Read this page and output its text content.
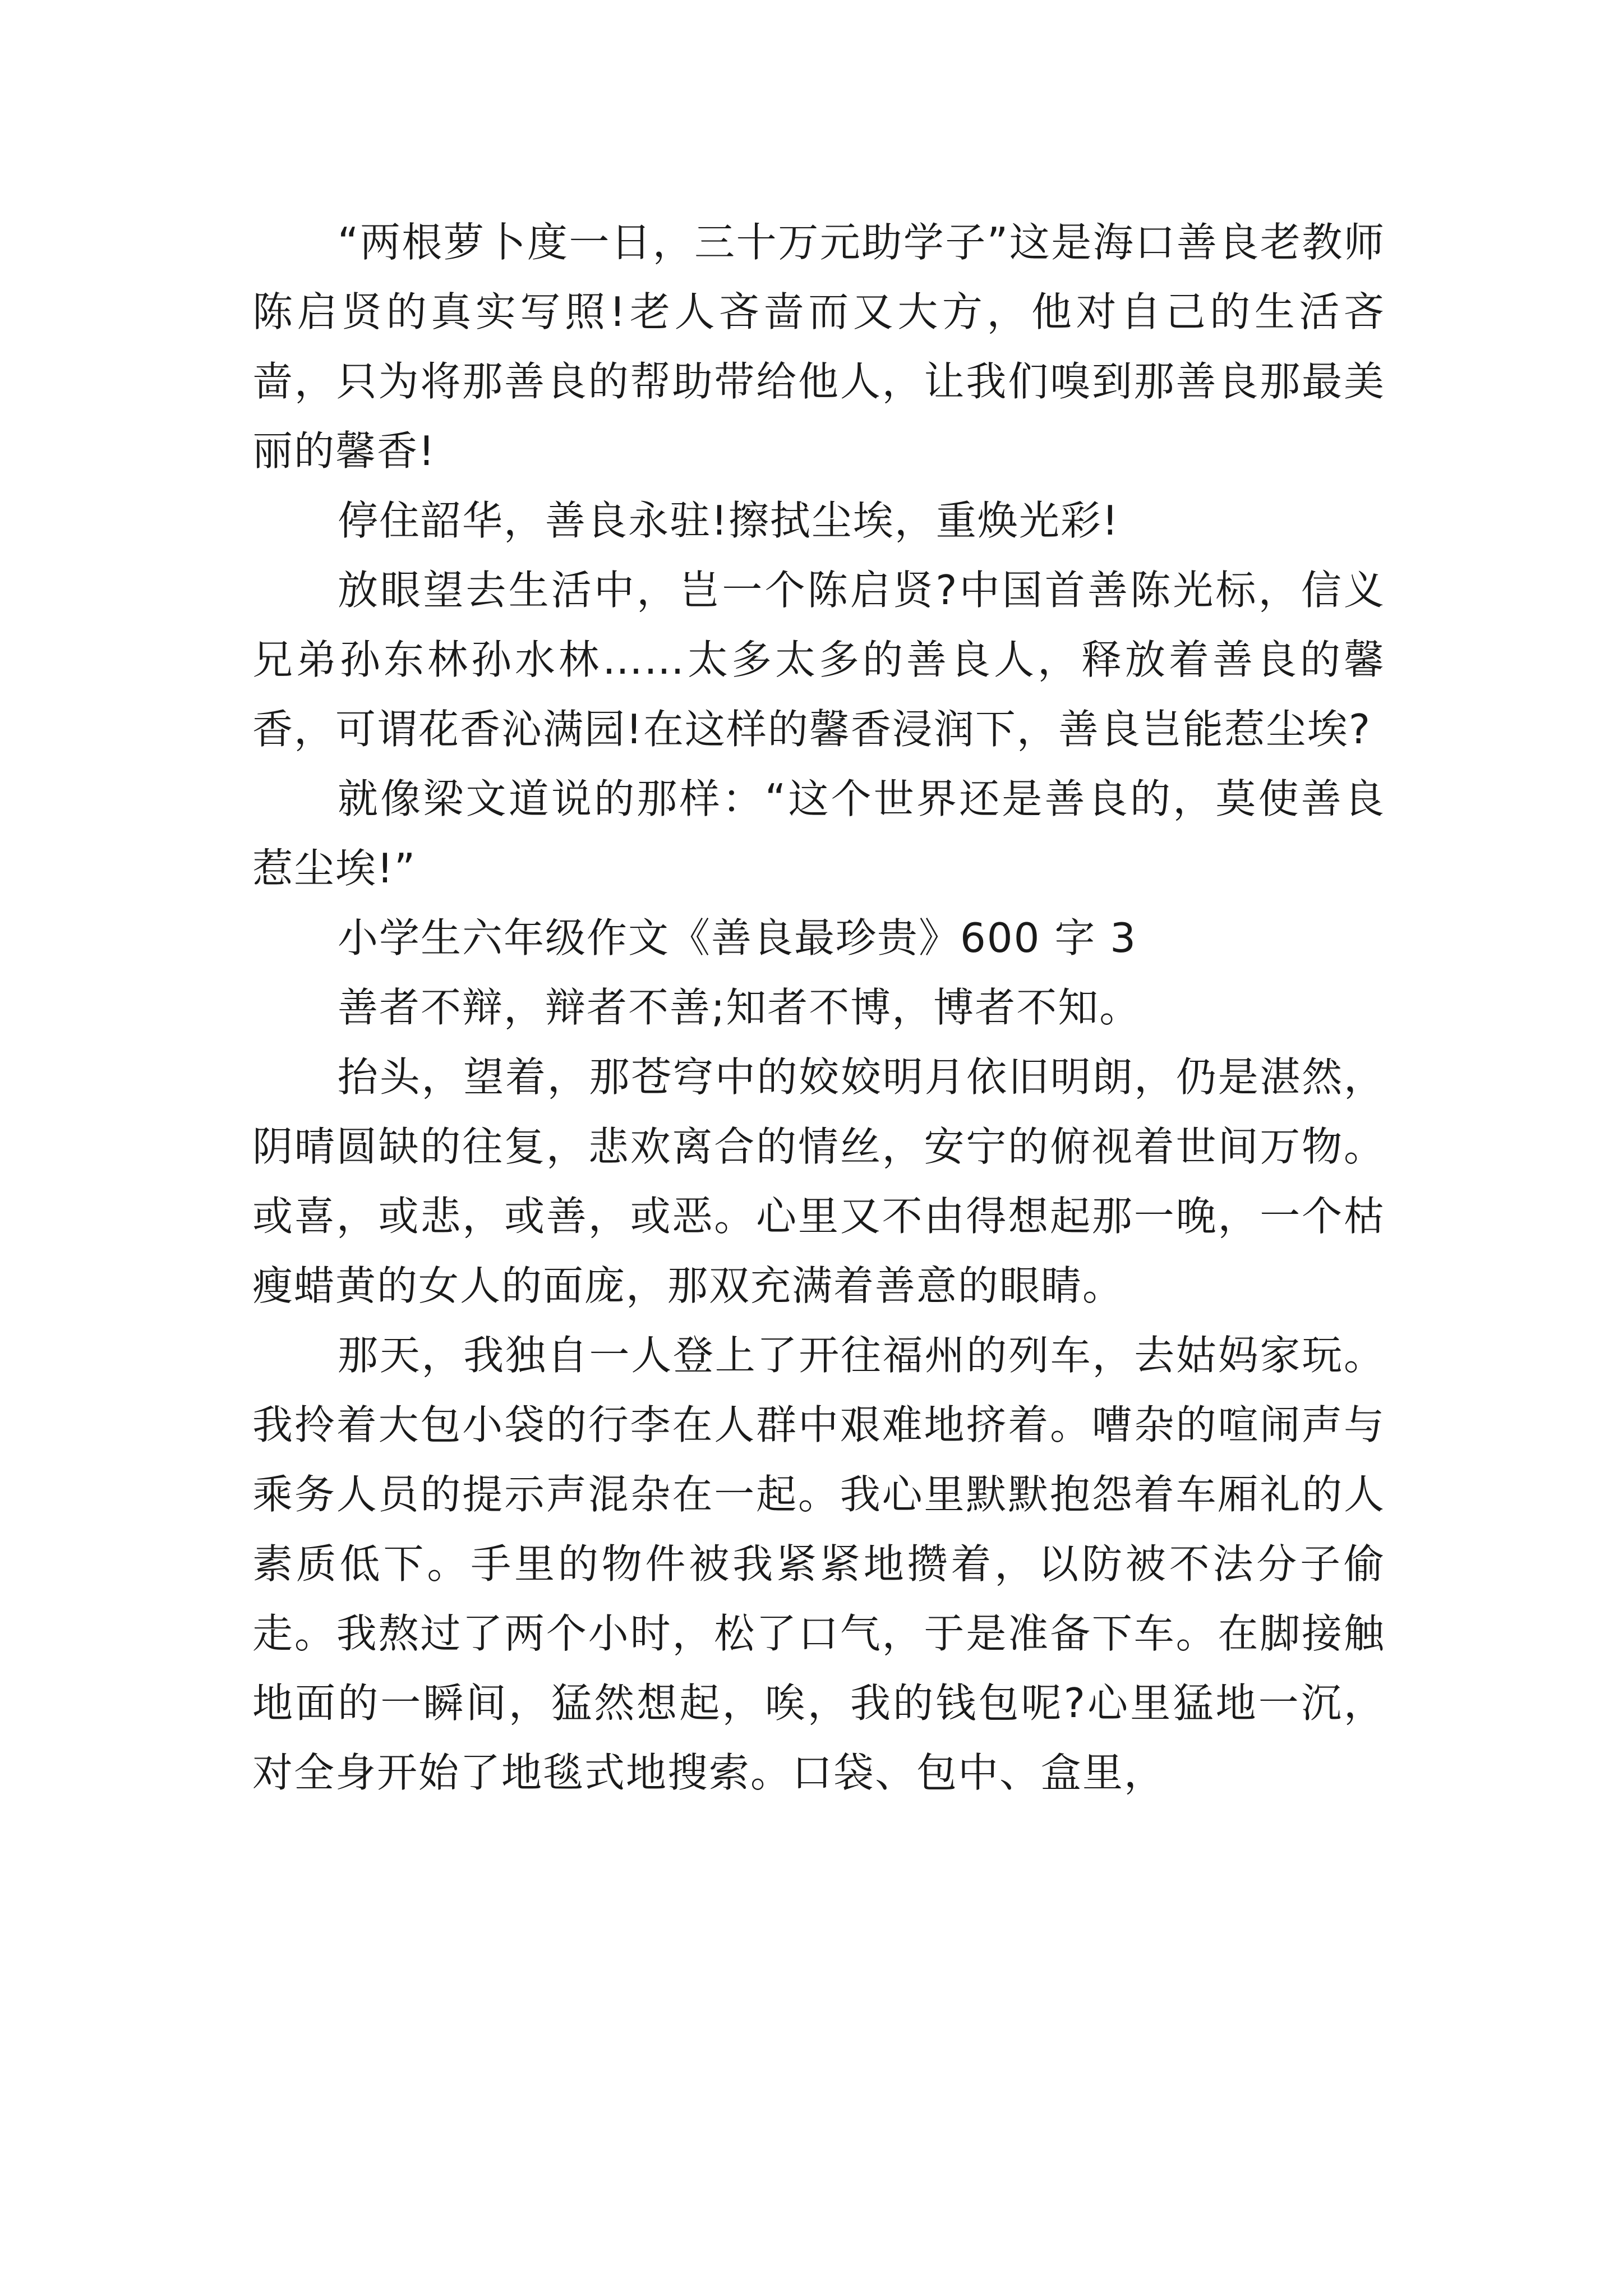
“两根萝卜度一日，三十万元助学子”这是海口善良老教师陈启贤的真实写照!老人吝啬而又大方，他对自己的生活吝啬，只为将那善良的帮助带给他人，让我们嗅到那善良那最美丽的馨香!

停住韶华，善良永驻!擦拭尘埃，重焕光彩!

放眼望去生活中，岂一个陈启贤?中国首善陈光标，信义兄弟孙东林孙水林……太多太多的善良人，释放着善良的馨香，可谓花香沁满园!在这样的馨香浸润下，善良岂能惹尘埃?

就像梁文道说的那样：“这个世界还是善良的，莫使善良惹尘埃!”

小学生六年级作文《善良最珍贵》600 字 3

善者不辩，辩者不善;知者不博，博者不知。

抬头，望着，那苍穹中的姣姣明月依旧明朗，仍是湛然，阴晴圆缺的往复，悲欢离合的情丝，安宁的俯视着世间万物。或喜，或悲，或善，或恶。心里又不由得想起那一晚，一个枯瘦蜡黄的女人的面庞，那双充满着善意的眼睛。

那天，我独自一人登上了开往福州的列车，去姑妈家玩。我拎着大包小袋的行李在人群中艰难地挤着。嘈杂的喧闹声与乘务人员的提示声混杂在一起。我心里默默抱怨着车厢礼的人素质低下。手里的物件被我紧紧地攒着，以防被不法分子偷走。我熬过了两个小时，松了口气，于是准备下车。在脚接触地面的一瞬间，猛然想起，唉，我的钱包呢?心里猛地一沉，对全身开始了地毯式地搜索。口袋、包中、盒里，
